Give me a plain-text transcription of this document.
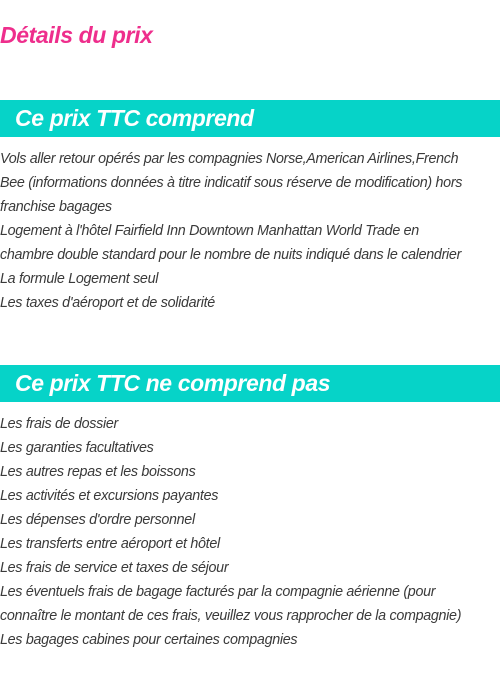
Détails du prix
Ce prix TTC comprend
Vols aller retour opérés par les compagnies Norse,American Airlines,French
Bee (informations données à titre indicatif sous réserve de modification) hors
franchise bagages
Logement à l'hôtel Fairfield Inn Downtown Manhattan World Trade en
chambre double standard pour le nombre de nuits indiqué dans le calendrier
La formule Logement seul
Les taxes d'aéroport et de solidarité
Ce prix TTC ne comprend pas
Les frais de dossier
Les garanties facultatives
Les autres repas et les boissons
Les activités et excursions payantes
Les dépenses d'ordre personnel
Les transferts entre aéroport et hôtel
Les frais de service et taxes de séjour
Les éventuels frais de bagage facturés par la compagnie aérienne (pour
connaître le montant de ces frais, veuillez vous rapprocher de la compagnie)
Les bagages cabines pour certaines compagnies
